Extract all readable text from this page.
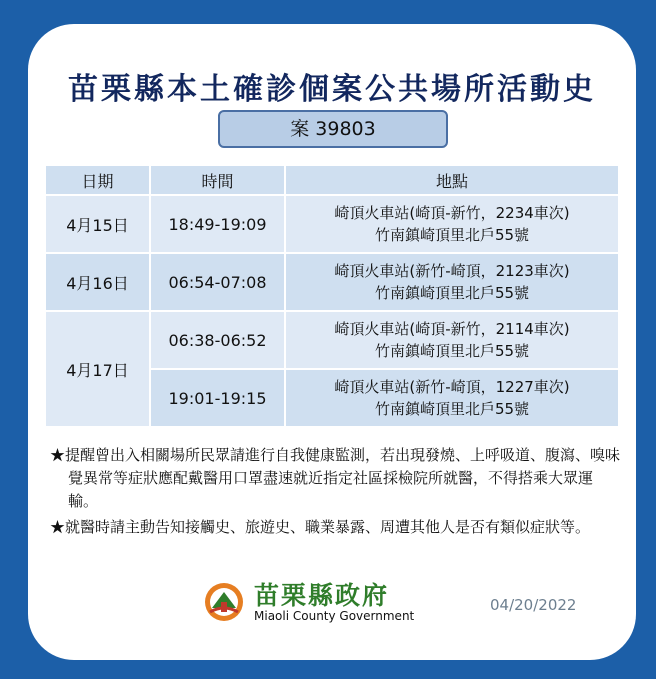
苗栗縣本土確診個案公共場所活動史
案 39803
日期	時間	地點
4月15日	18:49-19:09	崎頂火車站(崎頂-新竹，2234車次)
竹南鎮崎頂里北戶55號

4月16日	06:54-07:08	崎頂火車站(新竹-崎頂，2123車次)
竹南鎮崎頂里北戶55號

4月17日	06:38-06:52	崎頂火車站(崎頂-新竹，2114車次)
竹南鎮崎頂里北戶55號

	19:01-19:15	崎頂火車站(新竹-崎頂，1227車次)
竹南鎮崎頂里北戶55號
★提醒曾出入相關場所民眾請進行自我健康監測，若出現發燒、上呼吸道、腹瀉、嗅味覺異常等症狀應配戴醫用口罩盡速就近指定社區採檢院所就醫，不得搭乘大眾運輸。
★就醫時請主動告知接觸史、旅遊史、職業暴露、周遭其他人是否有類似症狀等。
苗栗縣政府
Miaoli County Government
04/20/2022
